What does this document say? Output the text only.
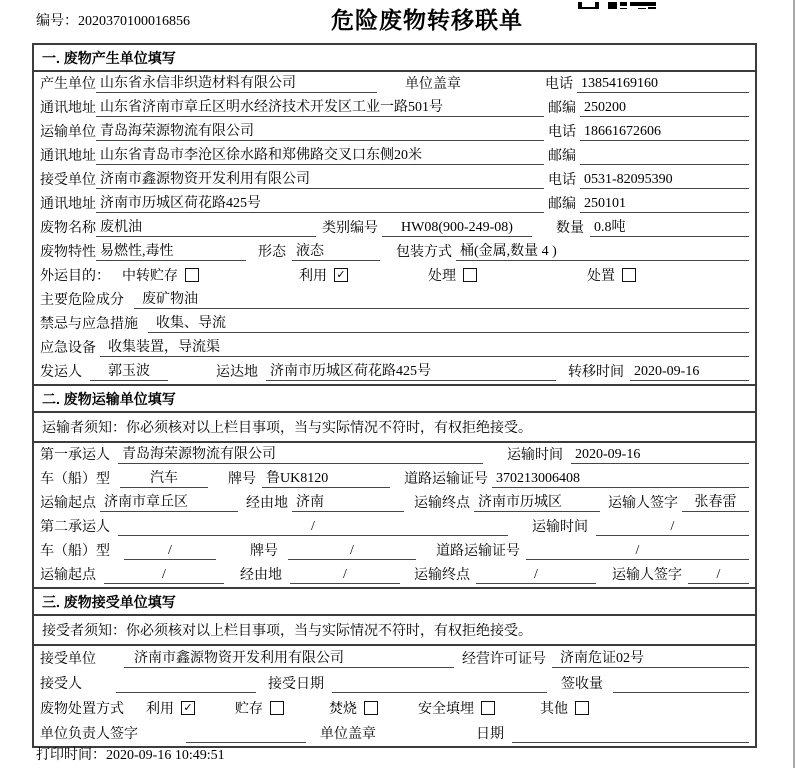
编号：2020370100016856	危险废物转移联单
一. 废物产生单位填写
产生单位 山东省永信非织造材料有限公司	单位盖章	电话 13854169160
通讯地址 山东省济南市章丘区明水经济技术开发区工业一路501号	邮编 250200
运输单位 青岛海荣源物流有限公司	电话 18661672606
通讯地址 山东省青岛市李沧区徐水路和郑佛路交叉口东侧20米	邮编
接受单位 济南市鑫源物资开发利用有限公司	电话 0531-82095390
通讯地址 济南市历城区荷花路425号	邮编 250101
废物名称 废机油	类别编号	HW08(900-249-08)	数量 0.8吨
废物特性 易燃性,毒性	形态 液态	包装方式 桶(金属,数量 4 )
外运目的： 中转贮存	利用 ✓	处理	处置
主要危险成分	废矿物油
禁忌与应急措施	收集、导流
应急设备 收集装置，导流渠
发运人	郭玉波	运达地 济南市历城区荷花路425号	转移时间 2020-09-16
二. 废物运输单位填写
运输者须知：你必须核对以上栏目事项，当与实际情况不符时，有权拒绝接受。
第一承运人 青岛海荣源物流有限公司	运输时间 2020-09-16
车（船）型	汽车	牌号 鲁UK8120	道路运输证号 370213006408
运输起点 济南市章丘区	经由地 济南	运输终点 济南市历城区	运输人签字	张春雷
第二承运人	/	运输时间	/
车（船）型	/	牌号	/	道路运输证号	/
运输起点	/	经由地	/	运输终点	/	运输人签字	/
三. 废物接受单位填写
接受者须知：你必须核对以上栏目事项，当与实际情况不符时，有权拒绝接受。
接受单位	济南市鑫源物资开发利用有限公司	经营许可证号	济南危证02号
接受人	接受日期	签收量
废物处置方式 利用 ✓	贮存	焚烧	安全填埋	其他
单位负责人签字	单位盖章	日期
打印时间：2020-09-16 10:49:51
